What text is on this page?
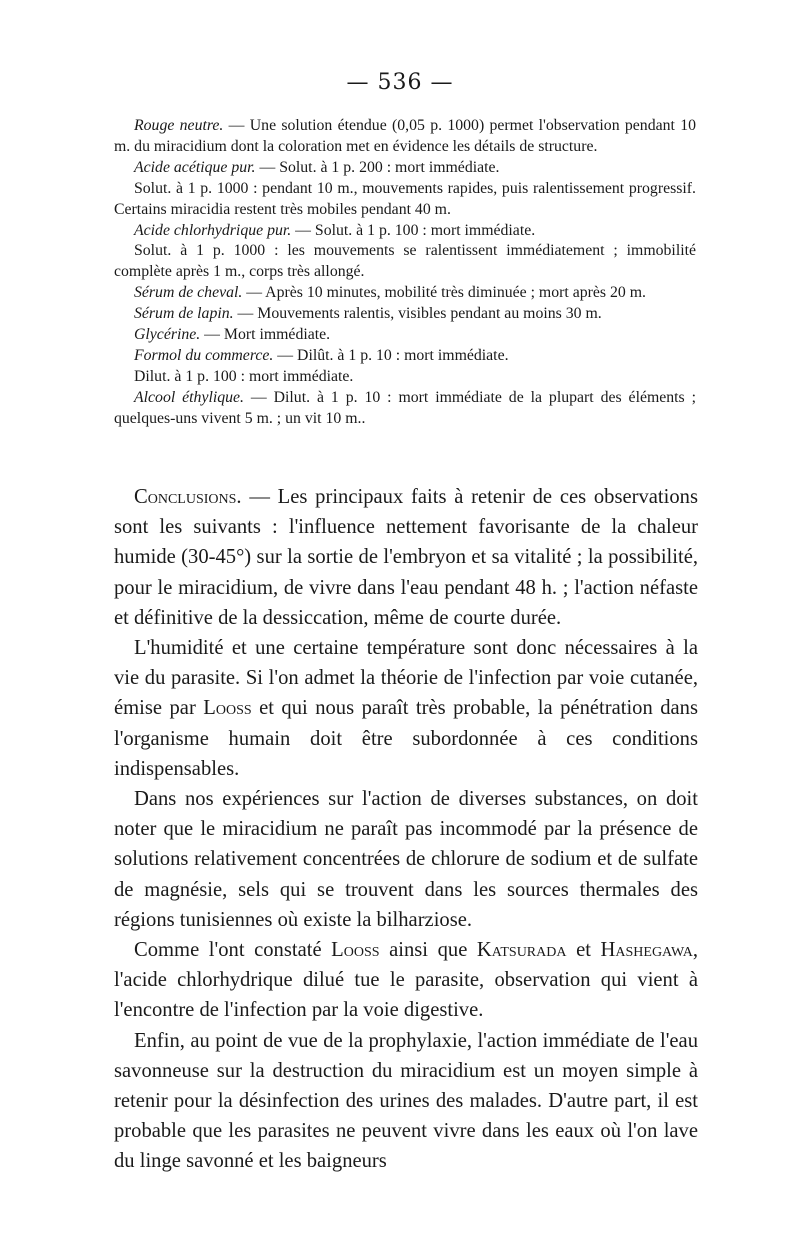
— 536 —

Rouge neutre. — Une solution étendue (0,05 p. 1000) permet l'observation pendant 10 m. du miracidium dont la coloration met en évidence les détails de structure.

Acide acétique pur. — Solut. à 1 p. 200 : mort immédiate.

Solut. à 1 p. 1000 : pendant 10 m., mouvements rapides, puis ralentissement progressif. Certains miracidia restent très mobiles pendant 40 m.

Acide chlorhydrique pur. — Solut. à 1 p. 100 : mort immédiate.

Solut. à 1 p. 1000 : les mouvements se ralentissent immédiatement ; immobilité complète après 1 m., corps très allongé.

Sérum de cheval. — Après 10 minutes, mobilité très diminuée ; mort après 20 m.

Sérum de lapin. — Mouvements ralentis, visibles pendant au moins 30 m.

Glycérine. — Mort immédiate.

Formol du commerce. — Dilût. à 1 p. 10 : mort immédiate.

Dilut. à 1 p. 100 : mort immédiate.

Alcool éthylique. — Dilut. à 1 p. 10 : mort immédiate de la plupart des éléments ; quelques-uns vivent 5 m. ; un vit 10 m..

Conclusions. — Les principaux faits à retenir de ces observations sont les suivants : l'influence nettement favorisante de la chaleur humide (30-45°) sur la sortie de l'embryon et sa vitalité ; la possibilité, pour le miracidium, de vivre dans l'eau pendant 48 h. ; l'action néfaste et définitive de la dessiccation, même de courte durée.

L'humidité et une certaine température sont donc nécessaires à la vie du parasite. Si l'on admet la théorie de l'infection par voie cutanée, émise par Looss et qui nous paraît très probable, la pénétration dans l'organisme humain doit être subordonnée à ces conditions indispensables.

Dans nos expériences sur l'action de diverses substances, on doit noter que le miracidium ne paraît pas incommodé par la présence de solutions relativement concentrées de chlorure de sodium et de sulfate de magnésie, sels qui se trouvent dans les sources thermales des régions tunisiennes où existe la bilharziose.

Comme l'ont constaté Looss ainsi que Katsurada et Hashegawa, l'acide chlorhydrique dilué tue le parasite, observation qui vient à l'encontre de l'infection par la voie digestive.

Enfin, au point de vue de la prophylaxie, l'action immédiate de l'eau savonneuse sur la destruction du miracidium est un moyen simple à retenir pour la désinfection des urines des malades. D'autre part, il est probable que les parasites ne peuvent vivre dans les eaux où l'on lave du linge savonné et les baigneurs
